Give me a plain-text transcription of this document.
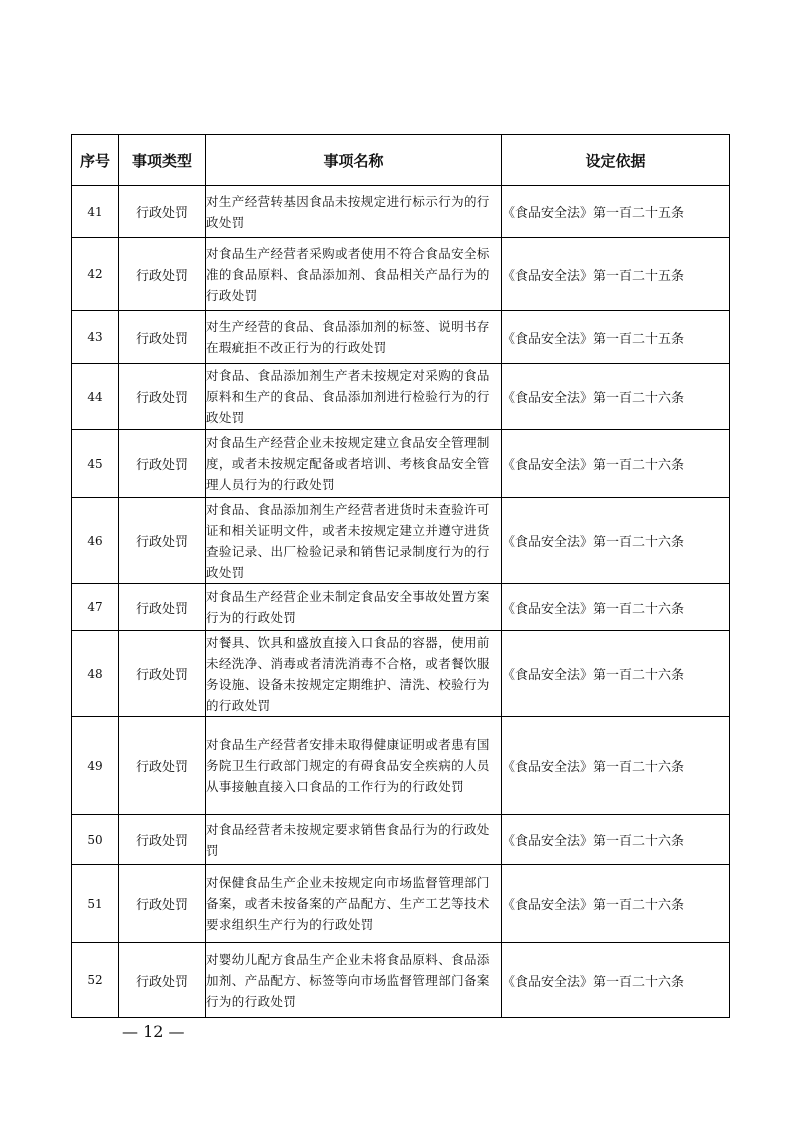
序号	事项类型	事项名称	设定依据
41	行政处罚	对生产经营转基因食品未按规定进行标示行为的行政处罚	《食品安全法》第一百二十五条
42	行政处罚	对食品生产经营者采购或者使用不符合食品安全标准的食品原料、食品添加剂、食品相关产品行为的行政处罚	《食品安全法》第一百二十五条
43	行政处罚	对生产经营的食品、食品添加剂的标签、说明书存在瑕疵拒不改正行为的行政处罚	《食品安全法》第一百二十五条
44	行政处罚	对食品、食品添加剂生产者未按规定对采购的食品原料和生产的食品、食品添加剂进行检验行为的行政处罚	《食品安全法》第一百二十六条
45	行政处罚	对食品生产经营企业未按规定建立食品安全管理制度，或者未按规定配备或者培训、考核食品安全管理人员行为的行政处罚	《食品安全法》第一百二十六条
46	行政处罚	对食品、食品添加剂生产经营者进货时未查验许可证和相关证明文件，或者未按规定建立并遵守进货查验记录、出厂检验记录和销售记录制度行为的行政处罚	《食品安全法》第一百二十六条
47	行政处罚	对食品生产经营企业未制定食品安全事故处置方案行为的行政处罚	《食品安全法》第一百二十六条
48	行政处罚	对餐具、饮具和盛放直接入口食品的容器，使用前未经洗净、消毒或者清洗消毒不合格，或者餐饮服务设施、设备未按规定定期维护、清洗、校验行为的行政处罚	《食品安全法》第一百二十六条
49	行政处罚	对食品生产经营者安排未取得健康证明或者患有国务院卫生行政部门规定的有碍食品安全疾病的人员从事接触直接入口食品的工作行为的行政处罚	《食品安全法》第一百二十六条
50	行政处罚	对食品经营者未按规定要求销售食品行为的行政处罚	《食品安全法》第一百二十六条
51	行政处罚	对保健食品生产企业未按规定向市场监督管理部门备案，或者未按备案的产品配方、生产工艺等技术要求组织生产行为的行政处罚	《食品安全法》第一百二十六条
52	行政处罚	对婴幼儿配方食品生产企业未将食品原料、食品添加剂、产品配方、标签等向市场监督管理部门备案行为的行政处罚	《食品安全法》第一百二十六条
— 12 —
